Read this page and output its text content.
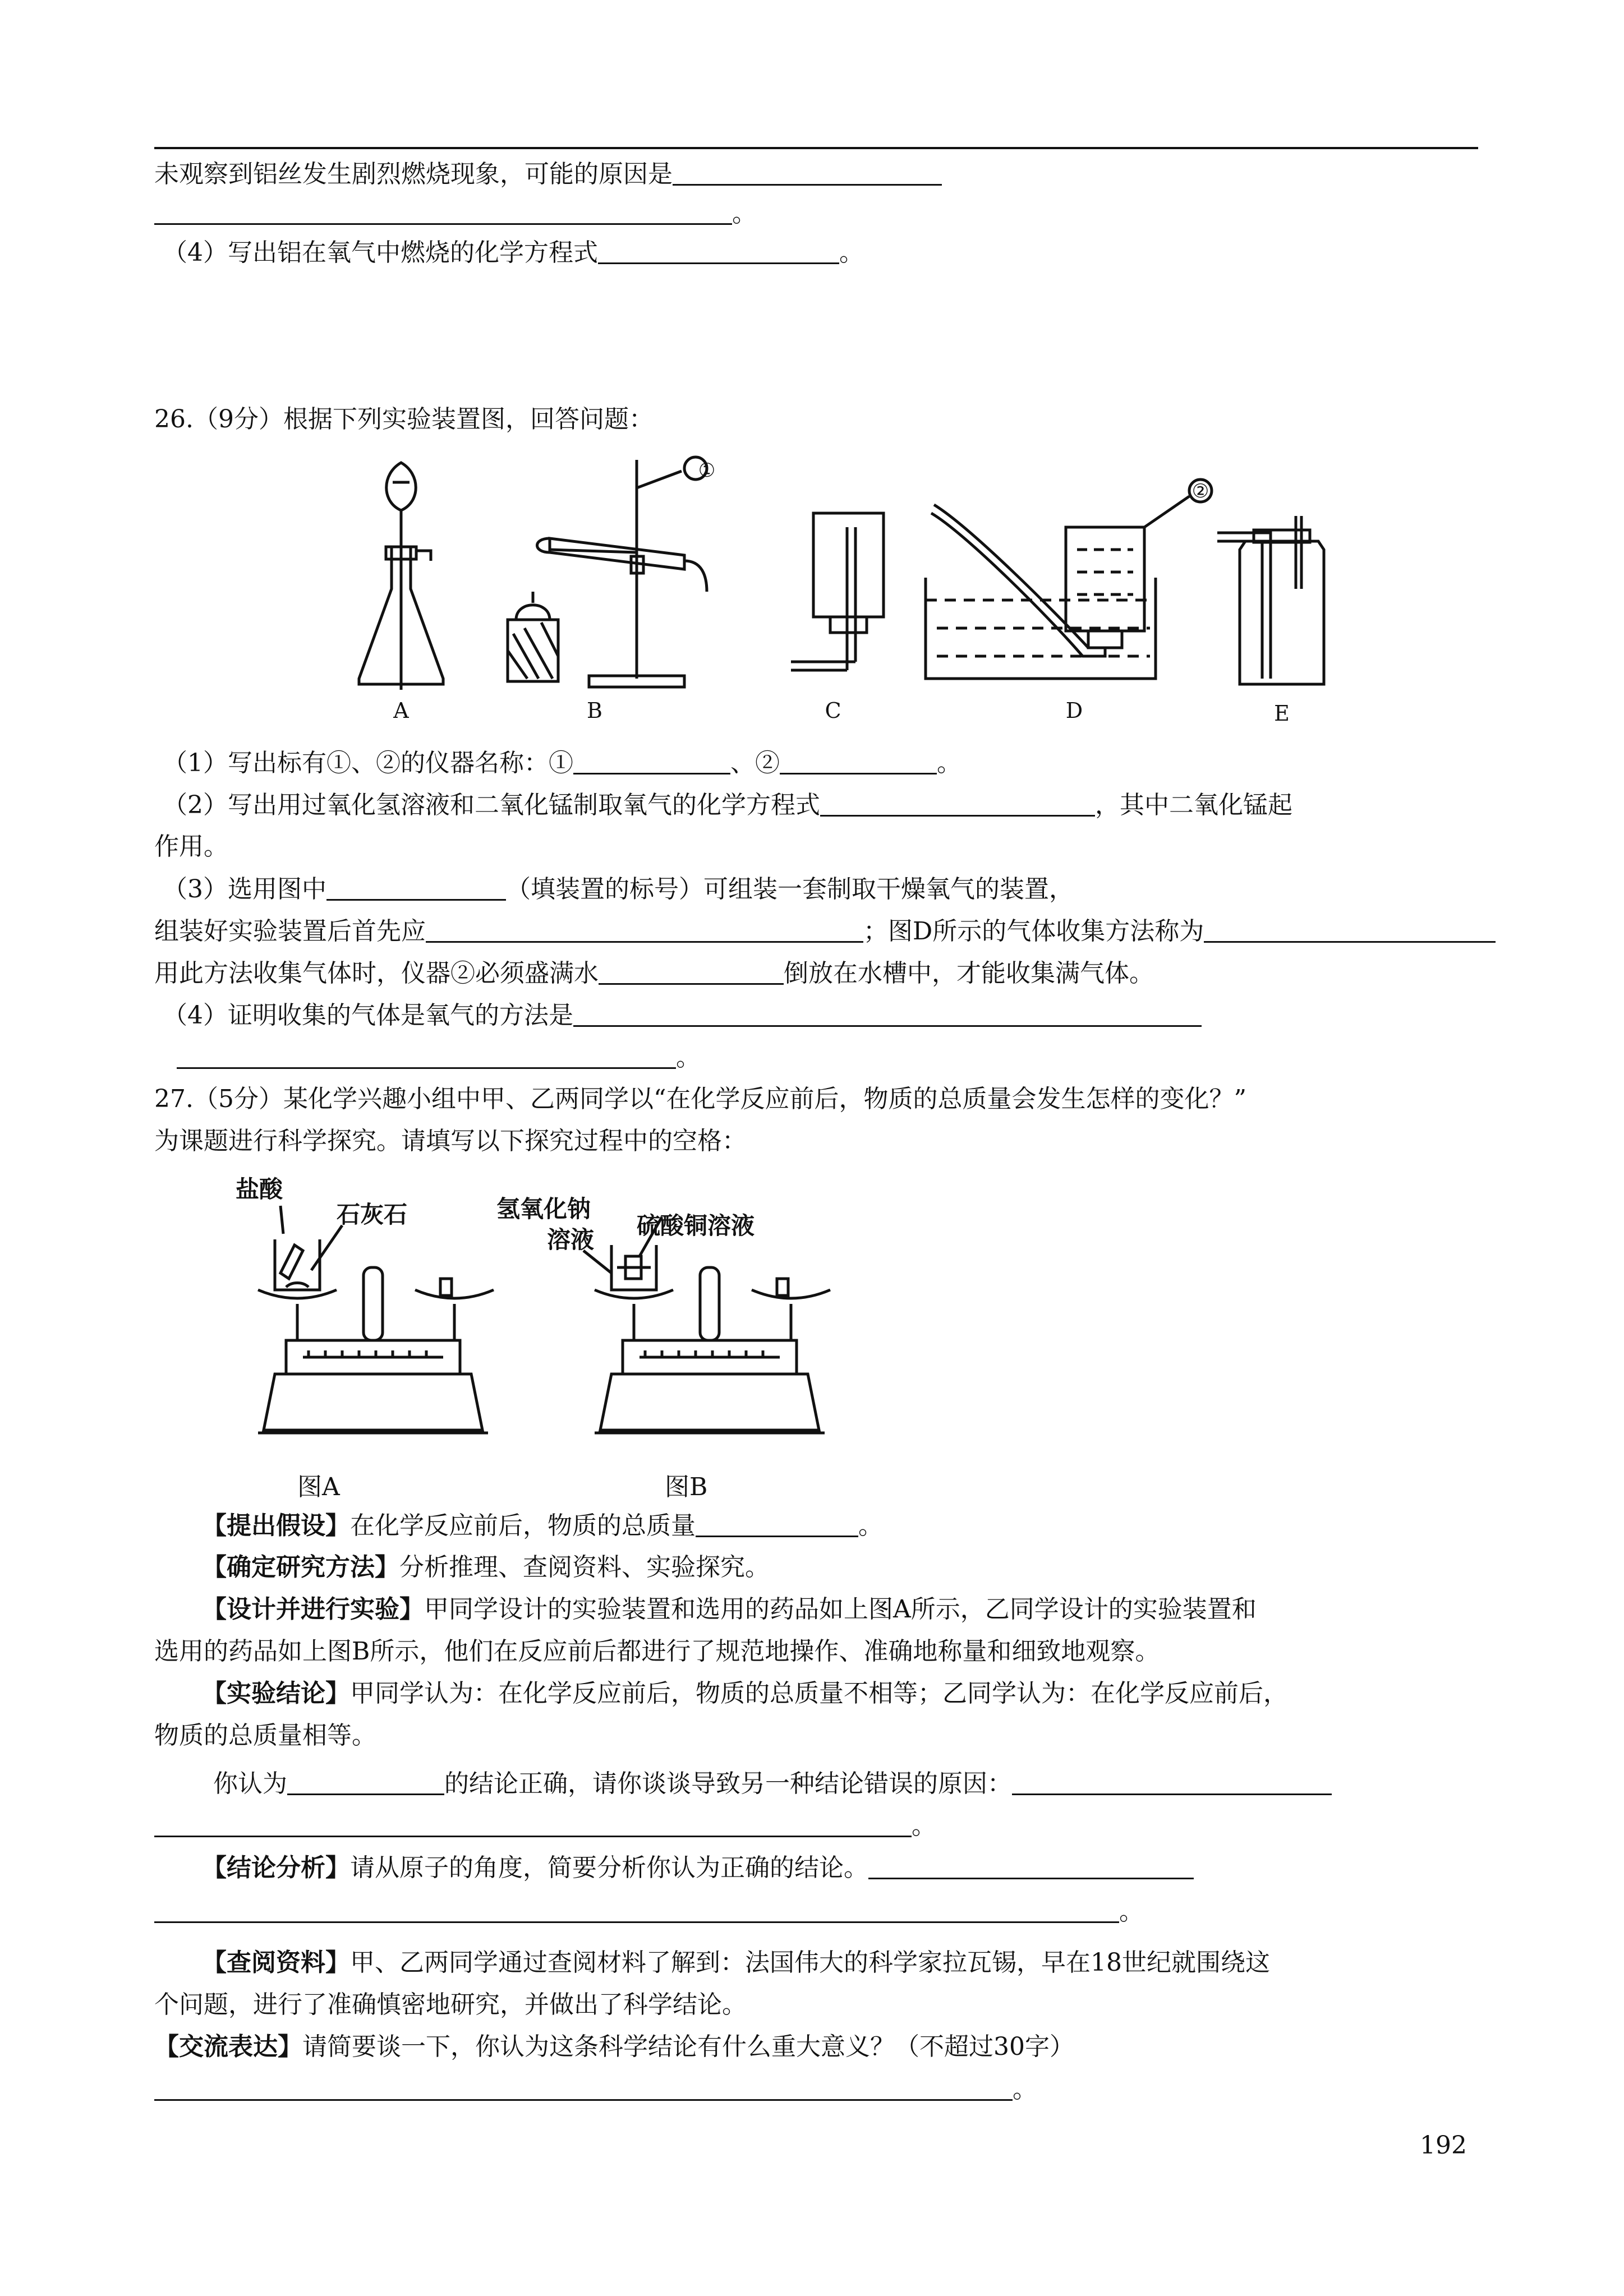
未观察到铝丝发生剧烈燃烧现象，可能的原因是
。
（4）写出铝在氧气中燃烧的化学方程式	。
26.（9分）根据下列实验装置图，回答问题：
①
②
A	B	C	D	E
（1）写出标有①、②的仪器名称：①	、②	。
（2）写出用过氧化氢溶液和二氧化锰制取氧气的化学方程式	，其中二氧化锰起
作用。
（3）选用图中	（填装置的标号）可组装一套制取干燥氧气的装置，
组装好实验装置后首先应	；图D所示的气体收集方法称为
用此方法收集气体时，仪器②必须盛满水	倒放在水槽中，才能收集满气体。
（4）证明收集的气体是氧气的方法是
。
27.（5分）某化学兴趣小组中甲、乙两同学以“在化学反应前后，物质的总质量会发生怎样的变化？”
为课题进行科学探究。请填写以下探究过程中的空格：
盐酸
石灰石	氢氧化钠
溶液
硫酸铜溶液
图A	图B
【提出假设】在化学反应前后，物质的总质量	。
【确定研究方法】分析推理、查阅资料、实验探究。
【设计并进行实验】甲同学设计的实验装置和选用的药品如上图A所示，乙同学设计的实验装置和
选用的药品如上图B所示，他们在反应前后都进行了规范地操作、准确地称量和细致地观察。
【实验结论】甲同学认为：在化学反应前后，物质的总质量不相等；乙同学认为：在化学反应前后，
物质的总质量相等。
你认为	的结论正确，请你谈谈导致另一种结论错误的原因：
。
【结论分析】请从原子的角度，简要分析你认为正确的结论。
。
【查阅资料】甲、乙两同学通过查阅材料了解到：法国伟大的科学家拉瓦锡，早在18世纪就围绕这
个问题，进行了准确慎密地研究，并做出了科学结论。
【交流表达】请简要谈一下，你认为这条科学结论有什么重大意义？（不超过30字）
。
192
